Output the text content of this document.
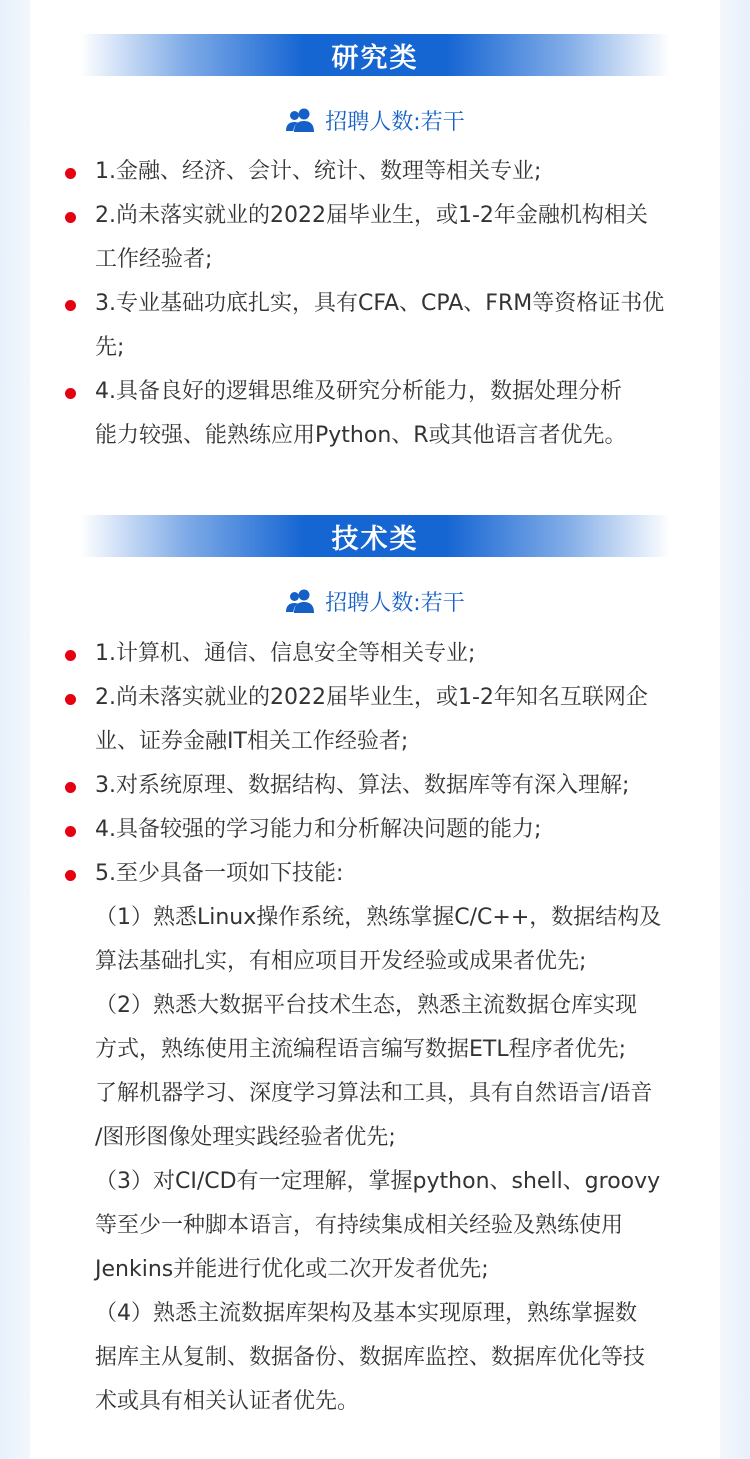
研究类
招聘人数:若干
1.金融、经济、会计、统计、数理等相关专业;
2.尚未落实就业的2022届毕业生，或1-2年金融机构相关
工作经验者;
3.专业基础功底扎实，具有CFA、CPA、FRM等资格证书优
先;
4.具备良好的逻辑思维及研究分析能力，数据处理分析
能力较强、能熟练应用Python、R或其他语言者优先。
技术类
招聘人数:若干
1.计算机、通信、信息安全等相关专业;
2.尚未落实就业的2022届毕业生，或1-2年知名互联网企
业、证券金融IT相关工作经验者;
3.对系统原理、数据结构、算法、数据库等有深入理解;
4.具备较强的学习能力和分析解决问题的能力;
5.至少具备一项如下技能:
（1）熟悉Linux操作系统，熟练掌握C/C++，数据结构及
算法基础扎实，有相应项目开发经验或成果者优先;
（2）熟悉大数据平台技术生态，熟悉主流数据仓库实现
方式，熟练使用主流编程语言编写数据ETL程序者优先;
了解机器学习、深度学习算法和工具，具有自然语言/语音
/图形图像处理实践经验者优先;
（3）对CI/CD有一定理解，掌握python、shell、groovy
等至少一种脚本语言，有持续集成相关经验及熟练使用
Jenkins并能进行优化或二次开发者优先;
（4）熟悉主流数据库架构及基本实现原理，熟练掌握数
据库主从复制、数据备份、数据库监控、数据库优化等技
术或具有相关认证者优先。
